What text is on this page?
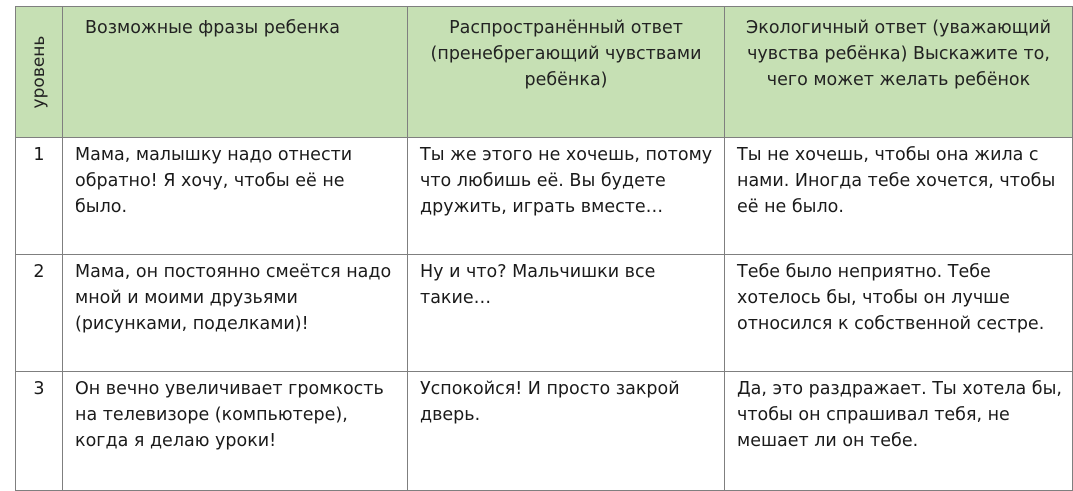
уровень	Возможные фразы ребенка	Распространённый ответ (пренебрегающий чувствами ребёнка)	Экологичный ответ (уважающий чувства ребёнка) Выскажите то, чего может желать ребёнок
1	Мама, малышку надо отнести обратно! Я хочу, чтобы её не было.	Ты же этого не хочешь, потому что любишь её. Вы будете дружить, играть вместе…	Ты не хочешь, чтобы она жила с нами. Иногда тебе хочется, чтобы её не было.
2	Мама, он постоянно смеётся надо мной и моими друзьями (рисунками, поделками)!	Ну и что? Мальчишки все такие…	Тебе было неприятно. Тебе хотелось бы, чтобы он лучше относился к собственной сестре.
3	Он вечно увеличивает громкость на телевизоре (компьютере), когда я делаю уроки!	Успокойся! И просто закрой дверь.	Да, это раздражает. Ты хотела бы, чтобы он спрашивал тебя, не мешает ли он тебе.
